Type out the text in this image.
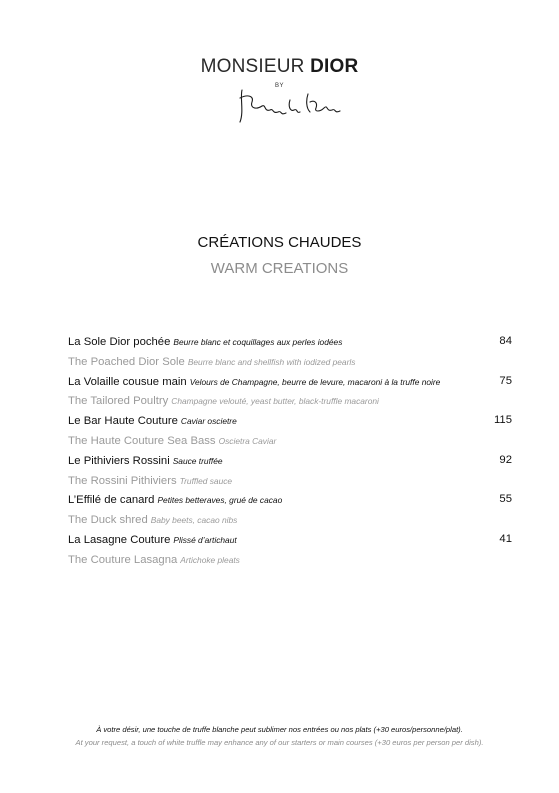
MONSIEUR DIOR
BY
CRÉATIONS CHAUDES
WARM CREATIONS
La Sole Dior pochée Beurre blanc et coquillages aux perles iodées	84
The Poached Dior Sole Beurre blanc and shellfish with iodized pearls
La Volaille cousue main Velours de Champagne, beurre de levure, macaroni à la truffe noire	75
The Tailored Poultry Champagne velouté, yeast butter, black-truffle macaroni
Le Bar Haute Couture Caviar oscietre	115
The Haute Couture Sea Bass Oscietra Caviar
Le Pithiviers Rossini Sauce truffée	92
The Rossini Pithiviers Truffled sauce
L’Effilé de canard Petites betteraves, grué de cacao	55
The Duck shred Baby beets, cacao nibs
La Lasagne Couture Plissé d’artichaut	41
The Couture Lasagna Artichoke pleats
À votre désir, une touche de truffe blanche peut sublimer nos entrées ou nos plats (+30 euros/personne/plat).
At your request, a touch of white truffle may enhance any of our starters or main courses (+30 euros per person per dish).
